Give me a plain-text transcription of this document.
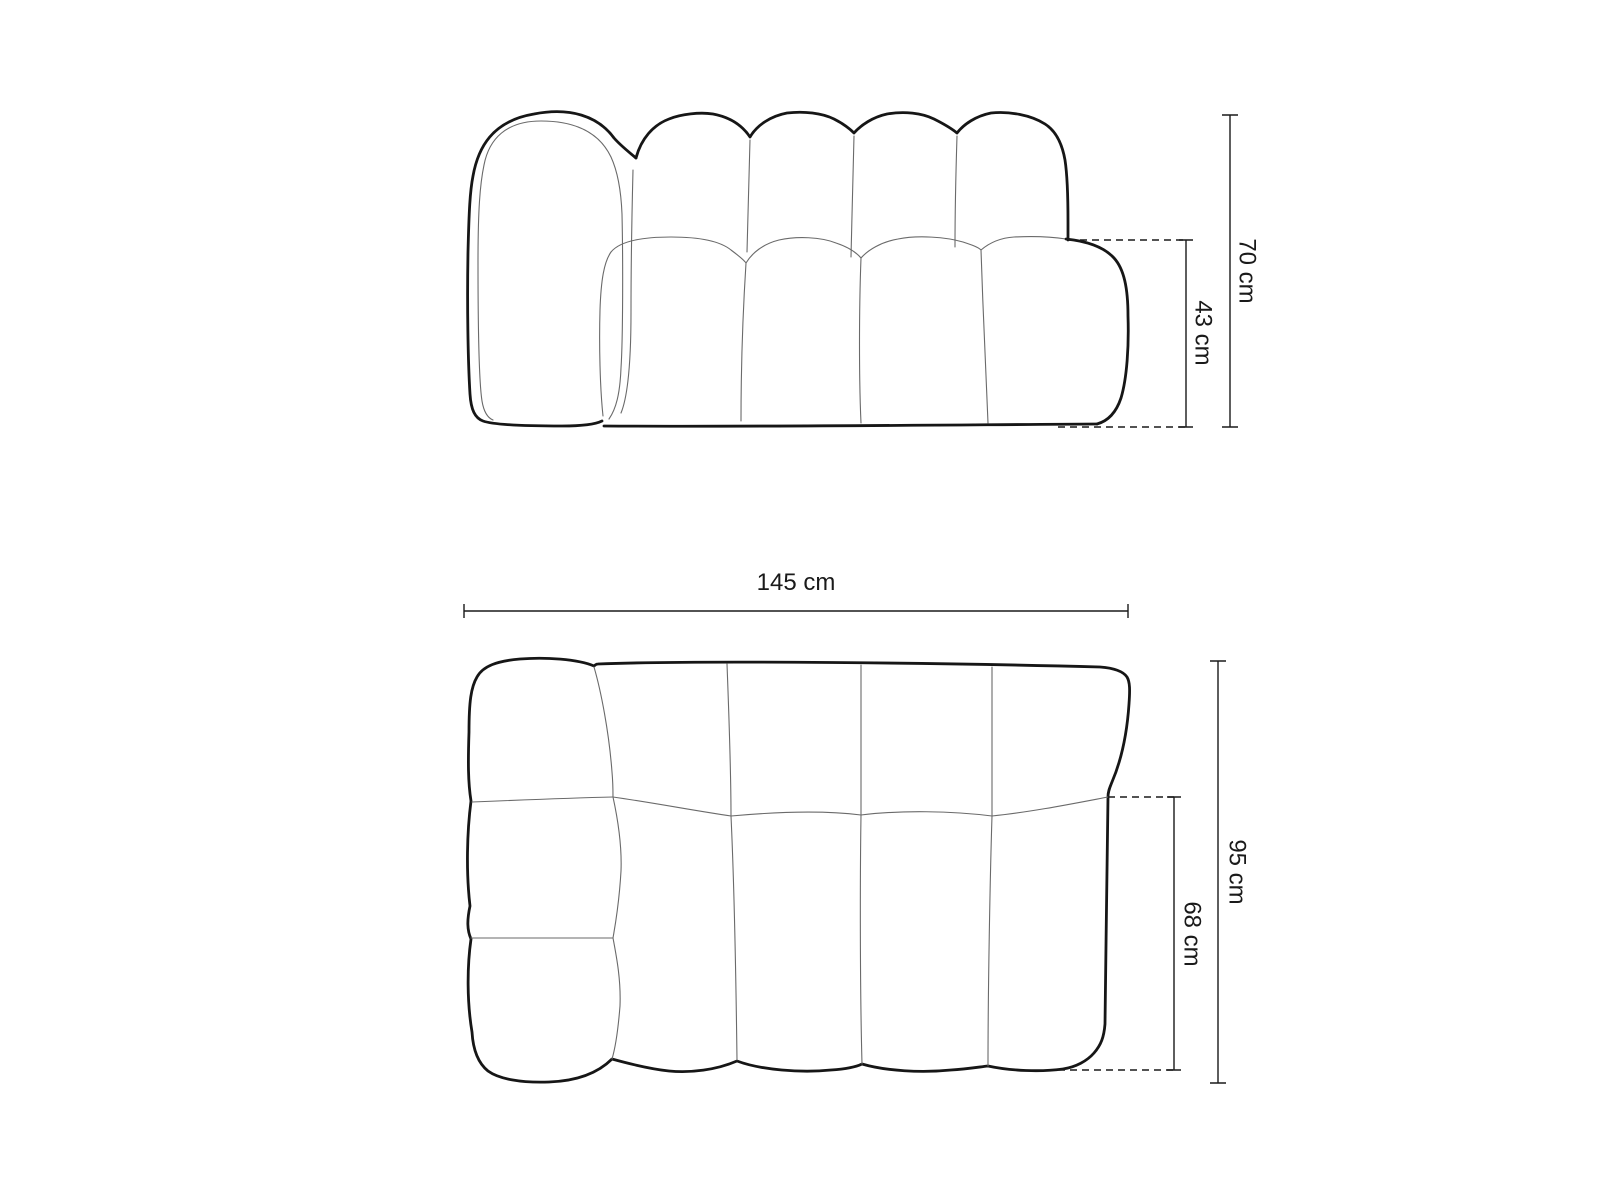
43 cm
70 cm
145 cm
68 cm
95 cm
